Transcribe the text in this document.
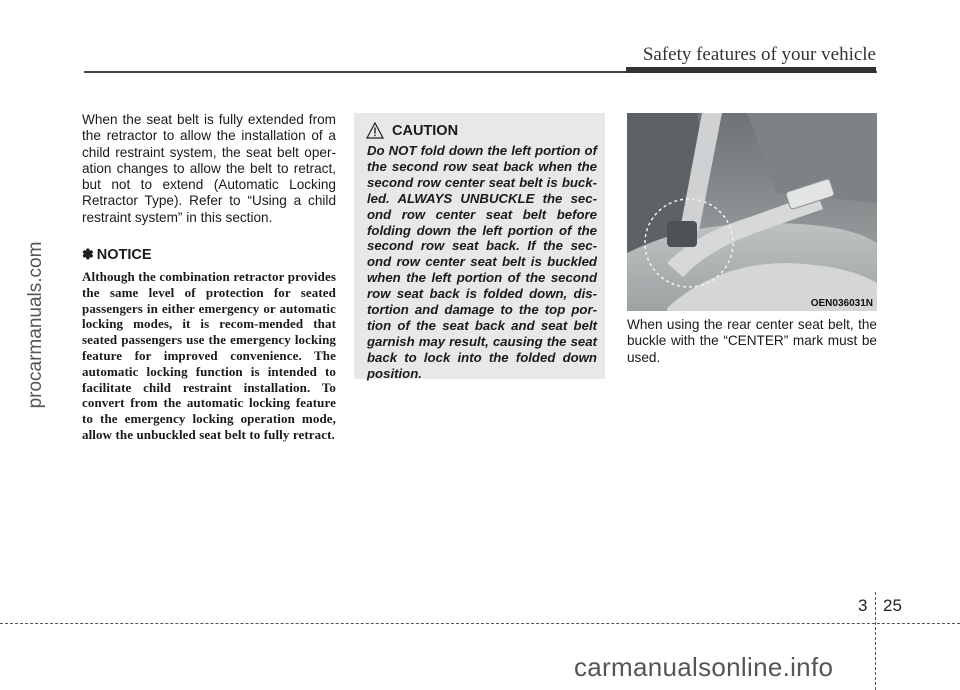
Safety features of your vehicle
procarmanuals.com

When the seat belt is fully extended from the retractor to allow the installation of a child restraint system, the seat belt oper-ation changes to allow the belt to retract, but not to extend (Automatic Locking Retractor Type). Refer to “Using a child restraint system” in this section.

✽ NOTICE
Although the combination retractor provides the same level of protection for seated passengers in either emergency or automatic locking modes, it is recom-mended that seated passengers use the emergency locking feature for improved convenience. The automatic locking function is intended to facilitate child restraint installation. To convert from the automatic locking feature to the emergency locking operation mode, allow the unbuckled seat belt to fully retract.
CAUTION

Do NOT fold down the left portion of the second row seat back when the second row center seat belt is buck-led. ALWAYS UNBUCKLE the sec-ond row center seat belt before folding down the left portion of the second row seat back. If the sec-ond row center seat belt is buckled when the left portion of the second row seat back is folded down, dis-tortion and damage to the top por-tion of the seat back and seat belt garnish may result, causing the seat back to lock into the folded down position.

OEN036031N

When using the rear center seat belt, the buckle with the “CENTER” mark must be used.

3 25
carmanualsonline.info
